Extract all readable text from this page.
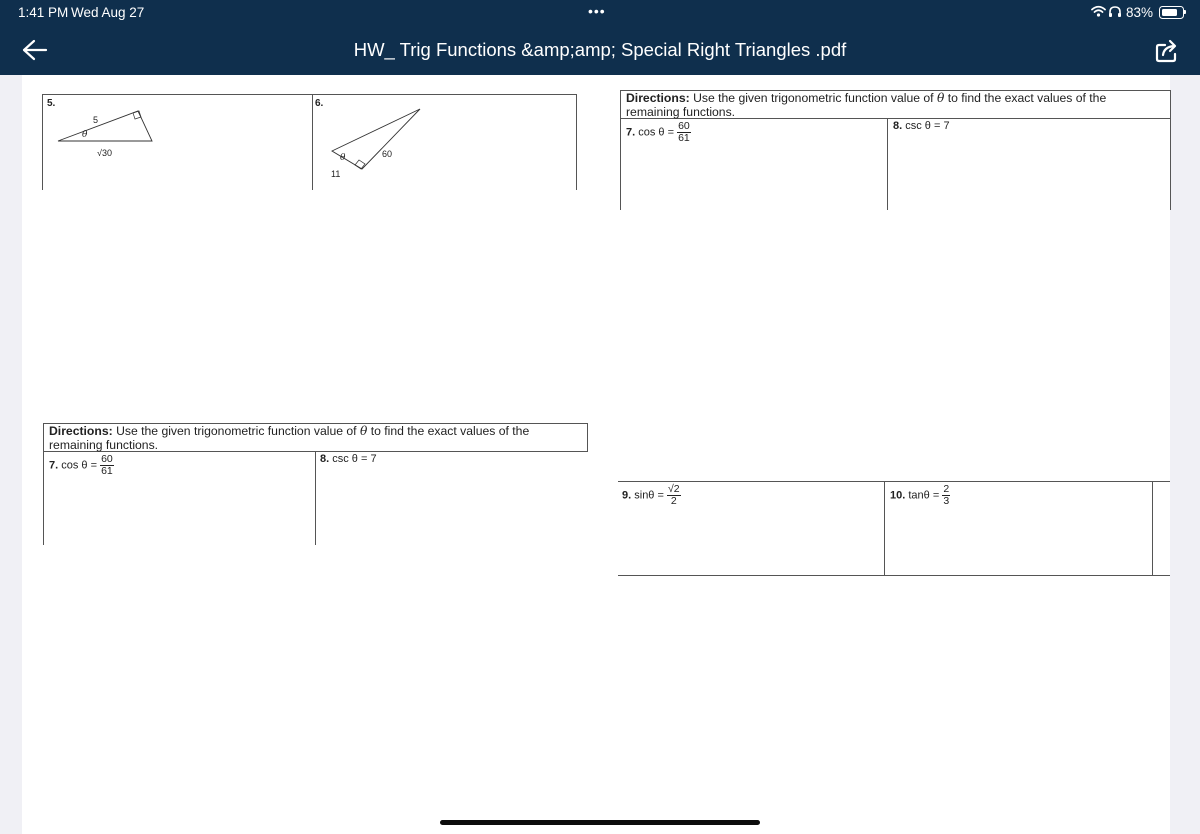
1:41 PM Wed Aug 27	•••	83%
HW_ Trig Functions &amp;amp; Special Right Triangles .pdf
5.
5
θ
√30
6.
θ	60
11
Directions: Use the given trigonometric function value of θ to find the exact values of the
remaining functions.
7. $\cos \theta = \frac{60}{61}$	8. csc θ = 7
Directions: Use the given trigonometric function value of θ to find the exact values of the
remaining functions.
7. $\cos \theta = \frac{60}{61}$	8. csc θ = 7
9. $\sin\theta = \frac{√2}{2}$	10. $\tan\theta = \frac{2}{3}$
